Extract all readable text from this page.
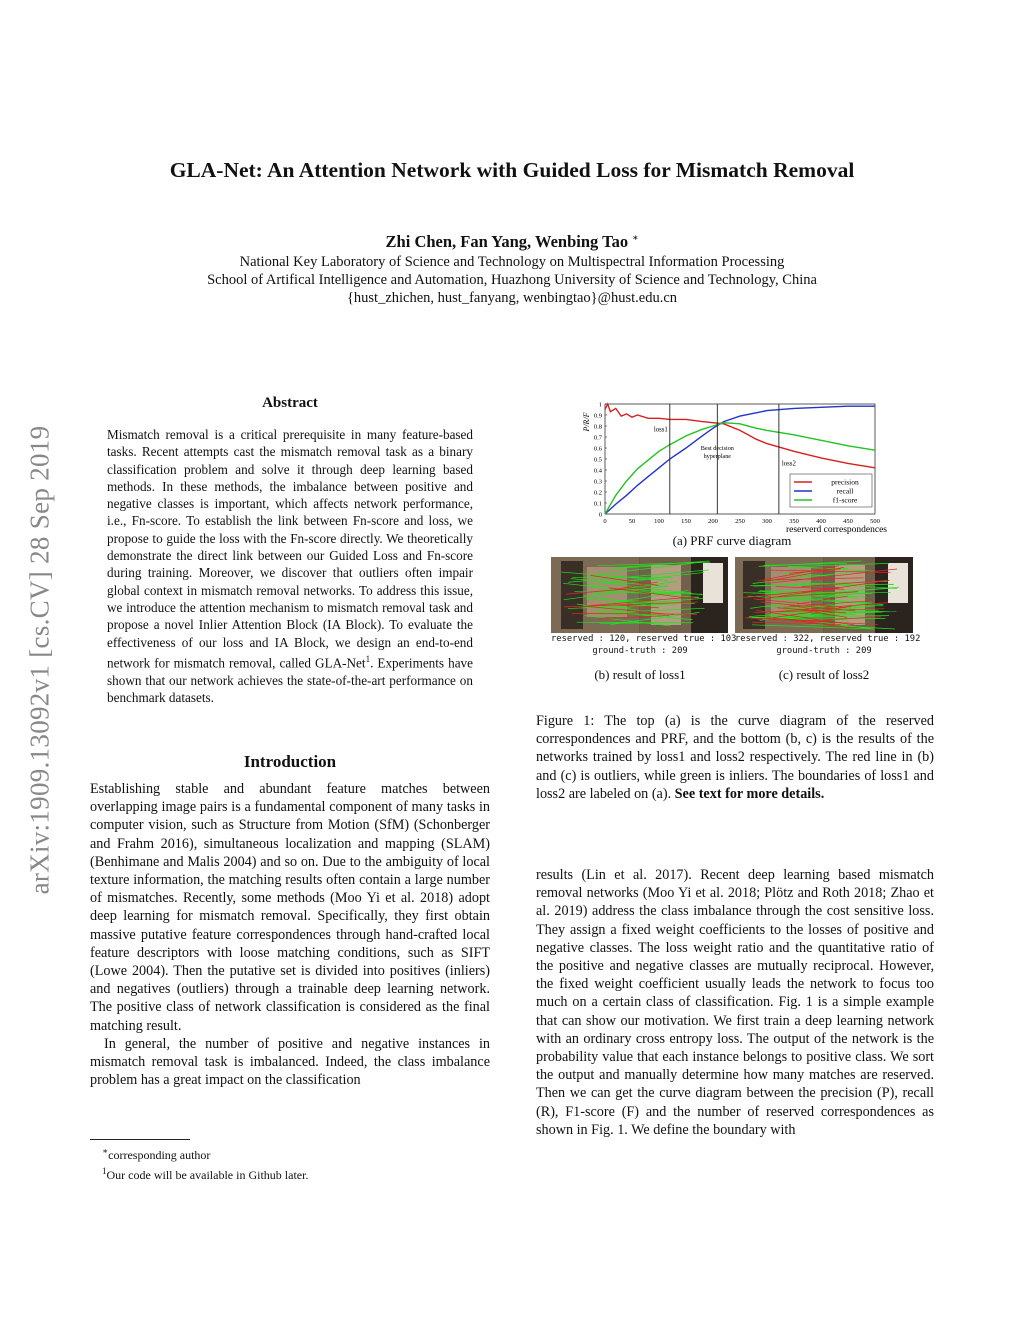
GLA-Net: An Attention Network with Guided Loss for Mismatch Removal
Zhi Chen, Fan Yang, Wenbing Tao ∗
National Key Laboratory of Science and Technology on Multispectral Information Processing
School of Artifical Intelligence and Automation, Huazhong University of Science and Technology, China
{hust_zhichen, hust_fanyang, wenbingtao}@hust.edu.cn
arXiv:1909.13092v1 [cs.CV] 28 Sep 2019
Abstract
Mismatch removal is a critical prerequisite in many feature-based tasks. Recent attempts cast the mismatch removal task as a binary classification problem and solve it through deep learning based methods. In these methods, the imbalance between positive and negative classes is important, which affects network performance, i.e., Fn-score. To establish the link between Fn-score and loss, we propose to guide the loss with the Fn-score directly. We theoretically demonstrate the direct link between our Guided Loss and Fn-score during training. Moreover, we discover that outliers often impair global context in mismatch removal networks. To address this issue, we introduce the attention mechanism to mismatch removal task and propose a novel Inlier Attention Block (IA Block). To evaluate the effectiveness of our loss and IA Block, we design an end-to-end network for mismatch removal, called GLA-Net$^1$. Experiments have shown that our network achieves the state-of-the-art performance on benchmark datasets.
Introduction

Establishing stable and abundant feature matches between overlapping image pairs is a fundamental component of many tasks in computer vision, such as Structure from Motion (SfM) (Schonberger and Frahm 2016), simultaneous localization and mapping (SLAM) (Benhimane and Malis 2004) and so on. Due to the ambiguity of local texture information, the matching results often contain a large number of mismatches. Recently, some methods (Moo Yi et al. 2018) adopt deep learning for mismatch removal. Specifically, they first obtain massive putative feature correspondences through hand-crafted local feature descriptors with loose matching conditions, such as SIFT (Lowe 2004). Then the putative set is divided into positives (inliers) and negatives (outliers) through a trainable deep learning network. The positive class of network classification is considered as the final matching result.

In general, the number of positive and negative instances in mismatch removal task is imbalanced. Indeed, the class imbalance problem has a great impact on the classification

∗corresponding author
$^1$Our code will be available in Github later.
0
0.1
0.2
0.3
0.4
0.5
0.6
0.7
0.8
0.9
1
0	50	100	150	200	250	300	350	400	450	500
P/R/F
reserverd correspondences
loss1
Best decision
hyperplane
loss2
precision
recall
f1-score
(a) PRF curve diagram
reserved : 120, reserved true : 103
ground-truth : 209
(b) result of loss1
reserved : 322, reserved true : 192
ground-truth : 209
(c) result of loss2
Figure 1: The top (a) is the curve diagram of the reserved correspondences and PRF, and the bottom (b, c) is the results of the networks trained by loss1 and loss2 respectively. The red line in (b) and (c) is outliers, while green is inliers. The boundaries of loss1 and loss2 are labeled on (a). See text for more details.

results (Lin et al. 2017). Recent deep learning based mismatch removal networks (Moo Yi et al. 2018; Plötz and Roth 2018; Zhao et al. 2019) address the class imbalance through the cost sensitive loss. They assign a fixed weight coefficients to the losses of positive and negative classes. The loss weight ratio and the quantitative ratio of the positive and negative classes are mutually reciprocal. However, the fixed weight coefficient usually leads the network to focus too much on a certain class of classification. Fig. 1 is a simple example that can show our motivation. We first train a deep learning network with an ordinary cross entropy loss. The output of the network is the probability value that each instance belongs to positive class. We sort the output and manually determine how many matches are reserved. Then we can get the curve diagram between the precision (P), recall (R), F1-score (F) and the number of reserved correspondences as shown in Fig. 1. We define the boundary with
